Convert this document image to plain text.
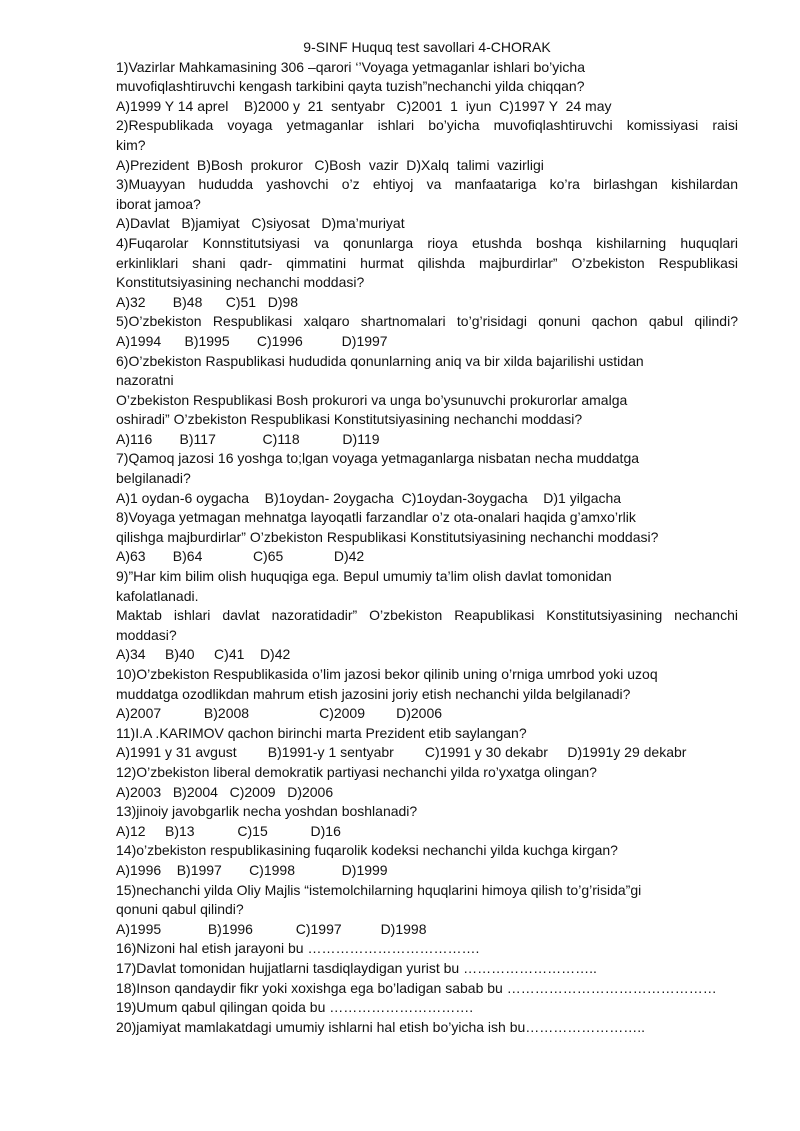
9-SINF Huquq test savollari 4-CHORAK
1)Vazirlar Mahkamasining 306 –qarori ‘’Voyaga yetmaganlar ishlari bo’yicha
muvofiqlashtiruvchi kengash tarkibini qayta tuzish”nechanchi yilda chiqqan?
A)1999 Y 14 aprel    B)2000 y  21  sentyabr   C)2001  1  iyun  C)1997 Y  24 may
2)Respublikada voyaga yetmaganlar ishlari bo’yicha muvofiqlashtiruvchi komissiyasi raisi
kim?
A)Prezident  B)Bosh  prokuror   C)Bosh  vazir  D)Xalq  talimi  vazirligi
3)Muayyan hududda yashovchi o’z ehtiyoj va manfaatariga ko’ra birlashgan kishilardan
iborat jamoa?
A)Davlat   B)jamiyat   C)siyosat   D)ma’muriyat
4)Fuqarolar Konnstitutsiyasi va qonunlarga rioya etushda boshqa kishilarning huquqlari
erkinliklari shani qadr- qimmatini hurmat qilishda majburdirlar” O’zbekiston Respublikasi
Konstitutsiyasining nechanchi moddasi?
A)32       B)48      C)51   D)98
5)O’zbekiston Respublikasi xalqaro shartnomalari to’g’risidagi qonuni qachon qabul qilindi?
A)1994      B)1995       C)1996          D)1997
6)O’zbekiston Raspublikasi hududida qonunlarning aniq va bir xilda bajarilishi ustidan
nazoratni
O’zbekiston Respublikasi Bosh prokurori va unga bo’ysunuvchi prokurorlar amalga
oshiradi” O’zbekiston Respublikasi Konstitutsiyasining nechanchi moddasi?
A)116       B)117            C)118           D)119
7)Qamoq jazosi 16 yoshga to;lgan voyaga yetmaganlarga nisbatan necha muddatga
belgilanadi?
A)1 oydan-6 oygacha    B)1oydan- 2oygacha  C)1oydan-3oygacha    D)1 yilgacha
8)Voyaga yetmagan mehnatga layoqatli farzandlar o’z ota-onalari haqida g’amxo’rlik
qilishga majburdirlar” O’zbekiston Respublikasi Konstitutsiyasining nechanchi moddasi?
A)63       B)64             C)65             D)42
9)”Har kim bilim olish huquqiga ega. Bepul umumiy ta’lim olish davlat tomonidan
kafolatlanadi.
Maktab ishlari davlat nazoratidadir” O’zbekiston Reapublikasi Konstitutsiyasining nechanchi
moddasi?
A)34     B)40     C)41    D)42
10)O’zbekiston Respublikasida o’lim jazosi bekor qilinib uning o’rniga umrbod yoki uzoq
muddatga ozodlikdan mahrum etish jazosini joriy etish nechanchi yilda belgilanadi?
A)2007           B)2008                  C)2009        D)2006
11)I.A .KARIMOV qachon birinchi marta Prezident etib saylangan?
A)1991 y 31 avgust        B)1991-y 1 sentyabr        C)1991 y 30 dekabr     D)1991y 29 dekabr
12)O’zbekiston liberal demokratik partiyasi nechanchi yilda ro’yxatga olingan?
A)2003   B)2004   C)2009   D)2006
13)jinoiy javobgarlik necha yoshdan boshlanadi?
A)12     B)13           C)15           D)16
14)o’zbekiston respublikasining fuqarolik kodeksi nechanchi yilda kuchga kirgan?
A)1996    B)1997       C)1998            D)1999
15)nechanchi yilda Oliy Majlis “istemolchilarning hquqlarini himoya qilish to’g’risida”gi
qonuni qabul qilindi?
A)1995            B)1996           C)1997          D)1998
16)Nizoni hal etish jarayoni bu ……………………………….
17)Davlat tomonidan hujjatlarni tasdiqlaydigan yurist bu ………………………..
18)Inson qandaydir fikr yoki xoxishga ega bo’ladigan sabab bu ………………………………………
19)Umum qabul qilingan qoida bu ………………………….
20)jamiyat mamlakatdagi umumiy ishlarni hal etish bo’yicha ish bu……………………..
